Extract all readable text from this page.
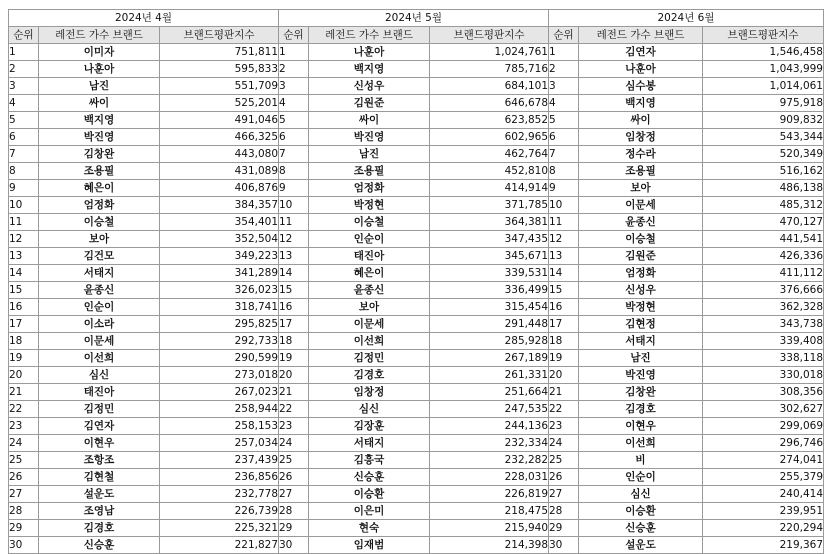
2024년 4월		
순위	레전드 가수 브랜드	브랜드평판지수
1	이미자	751,811
2	나훈아	595,833
3	남진	551,709
4	싸이	525,201
5	백지영	491,046
6	박진영	466,325
7	김창완	443,080
8	조용필	431,089
9	혜은이	406,876
10	엄정화	384,357
11	이승철	354,401
12	보아	352,504
13	김건모	349,223
14	서태지	341,289
15	윤종신	326,023
16	인순이	318,741
17	이소라	295,825
18	이문세	292,733
19	이선희	290,599
20	심신	273,018
21	태진아	267,023
22	김정민	258,944
23	김연자	258,153
24	이현우	257,034
25	조항조	237,439
26	김현철	236,856
27	설운도	232,778
28	조영남	226,739
29	김경호	225,321
30	신승훈	221,827
2024년 5월		
순위	레전드 가수 브랜드	브랜드평판지수
1	나훈아	1,024,761
2	백지영	785,716
3	신성우	684,101
4	김원준	646,678
5	싸이	623,852
6	박진영	602,965
7	남진	462,764
8	조용필	452,810
9	엄정화	414,914
10	박정현	371,785
11	이승철	364,381
12	인순이	347,435
13	태진아	345,671
14	혜은이	339,531
15	윤종신	336,499
16	보아	315,454
17	이문세	291,448
18	이선희	285,928
19	김정민	267,189
20	김경호	261,331
21	임창정	251,664
22	심신	247,535
23	김장훈	244,136
24	서태지	232,334
25	김흥국	232,282
26	신승훈	228,031
27	이승환	226,819
28	이은미	218,475
29	현숙	215,940
30	임재범	214,398
2024년 6월		
순위	레전드 가수 브랜드	브랜드평판지수
1	김연자	1,546,458
2	나훈아	1,043,999
3	심수봉	1,014,061
4	백지영	975,918
5	싸이	909,832
6	임창정	543,344
7	정수라	520,349
8	조용필	516,162
9	보아	486,138
10	이문세	485,312
11	윤종신	470,127
12	이승철	441,541
13	김원준	426,336
14	엄정화	411,112
15	신성우	376,666
16	박정현	362,328
17	김현정	343,738
18	서태지	339,408
19	남진	338,118
20	박진영	330,018
21	김창완	308,356
22	김경호	302,627
23	이현우	299,069
24	이선희	296,746
25	비	274,041
26	인순이	255,379
27	심신	240,414
28	이승환	239,951
29	신승훈	220,294
30	설운도	219,367
